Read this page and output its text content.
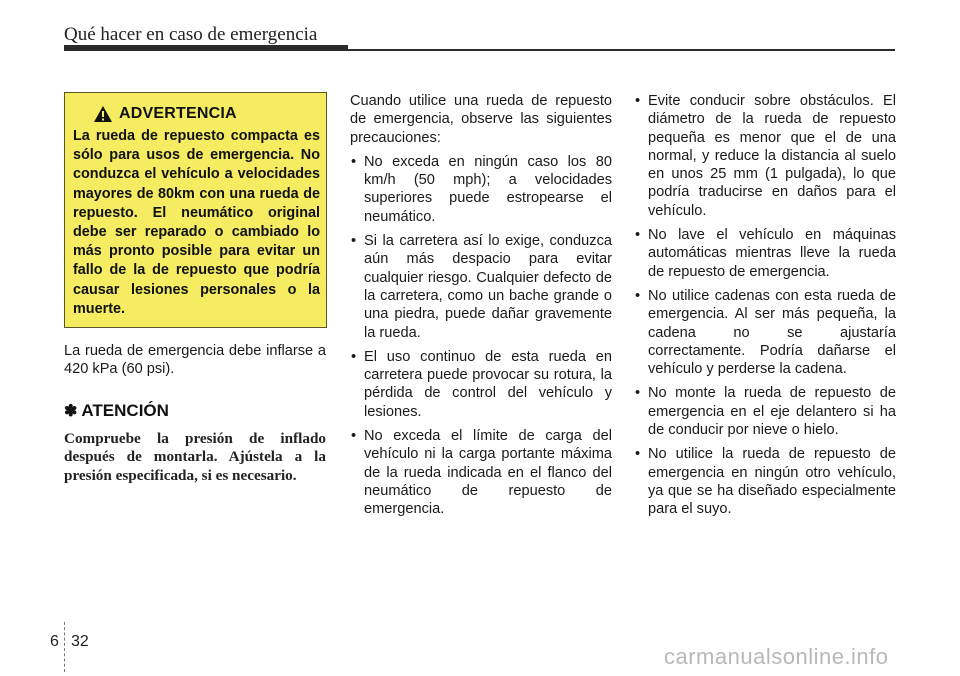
Qué hacer en caso de emergencia
ADVERTENCIA

La rueda de repuesto compacta es sólo para usos de emergencia. No conduzca el vehículo a velocidades mayores de 80km con una rueda de repuesto. El neumático original debe ser reparado o cambiado lo más pronto posible para evitar un fallo de la de repuesto que podría causar lesiones personales o la muerte.

La rueda de emergencia debe inflarse a 420 kPa (60 psi).

✽ ATENCIÓN

Compruebe la presión de inflado después de montarla. Ajústela a la presión especificada, si es necesario.

Cuando utilice una rueda de repuesto de emergencia, observe las siguientes precauciones:

• No exceda en ningún caso los 80 km/h (50 mph); a velocidades superiores puede estropearse el neumático.
• Si la carretera así lo exige, conduzca aún más despacio para evitar cualquier riesgo. Cualquier defecto de la carretera, como un bache grande o una piedra, puede dañar gravemente la rueda.
• El uso continuo de esta rueda en carretera puede provocar su rotura, la pérdida de control del vehículo y lesiones.
• No exceda el límite de carga del vehículo ni la carga portante máxima de la rueda indicada en el flanco del neumático de repuesto de emergencia.
• Evite conducir sobre obstáculos. El diámetro de la rueda de repuesto pequeña es menor que el de una normal, y reduce la distancia al suelo en unos 25 mm (1 pulgada), lo que podría traducirse en daños para el vehículo.
• No lave el vehículo en máquinas automáticas mientras lleve la rueda de repuesto de emergencia.
• No utilice cadenas con esta rueda de emergencia. Al ser más pequeña, la cadena no se ajustaría correctamente. Podría dañarse el vehículo y perderse la cadena.
• No monte la rueda de repuesto de emergencia en el eje delantero si ha de conducir por nieve o hielo.
• No utilice la rueda de repuesto de emergencia en ningún otro vehículo, ya que se ha diseñado especialmente para el suyo.
6 32
carmanualsonline.info
